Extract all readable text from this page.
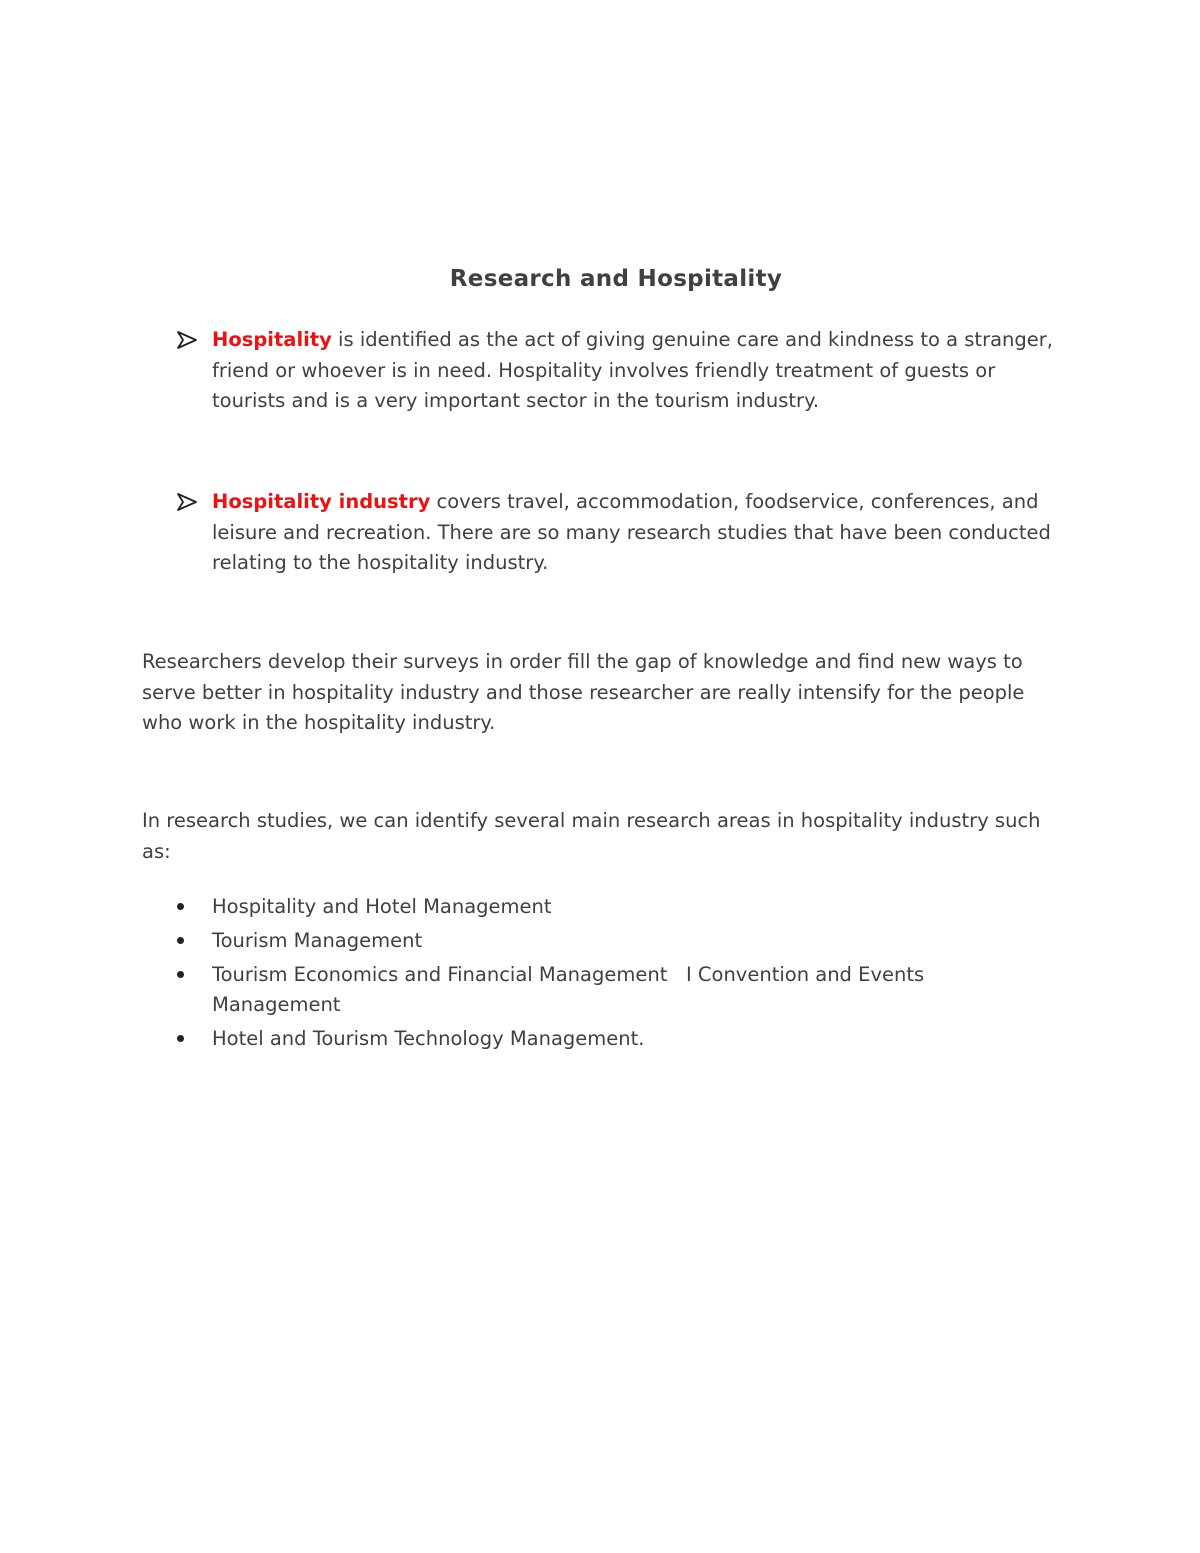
Research and Hospitality
Hospitality is identified as the act of giving genuine care and kindness to a stranger, friend or whoever is in need. Hospitality involves friendly treatment of guests or tourists and is a very important sector in the tourism industry.
Hospitality industry covers travel, accommodation, foodservice, conferences, and leisure and recreation. There are so many research studies that have been conducted relating to the hospitality industry.
Researchers develop their surveys in order fill the gap of knowledge and find new ways to serve better in hospitality industry and those researcher are really intensify for the people who work in the hospitality industry.
In research studies, we can identify several main research areas in hospitality industry such as:
Hospitality and Hotel Management
Tourism Management
Tourism Economics and Financial Management   I Convention and Events Management
Hotel and Tourism Technology Management.
